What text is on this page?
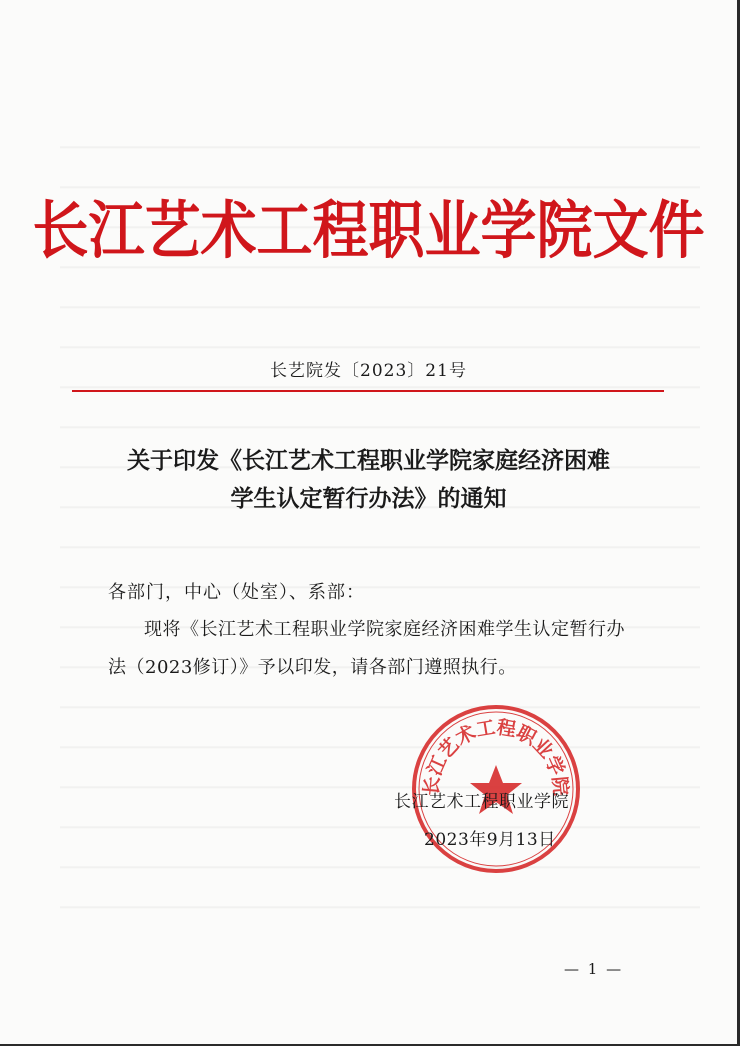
长江艺术工程职业学院文件
长艺院发〔2023〕21号
关于印发《长江艺术工程职业学院家庭经济困难
学生认定暂行办法》的通知
各部门，中心（处室）、系部：
现将《长江艺术工程职业学院家庭经济困难学生认定暂行办法（2023修订）》予以印发，请各部门遵照执行。
长江艺术工程职业学院
长江艺术工程职业学院
2023年9月13日
— 1 —
